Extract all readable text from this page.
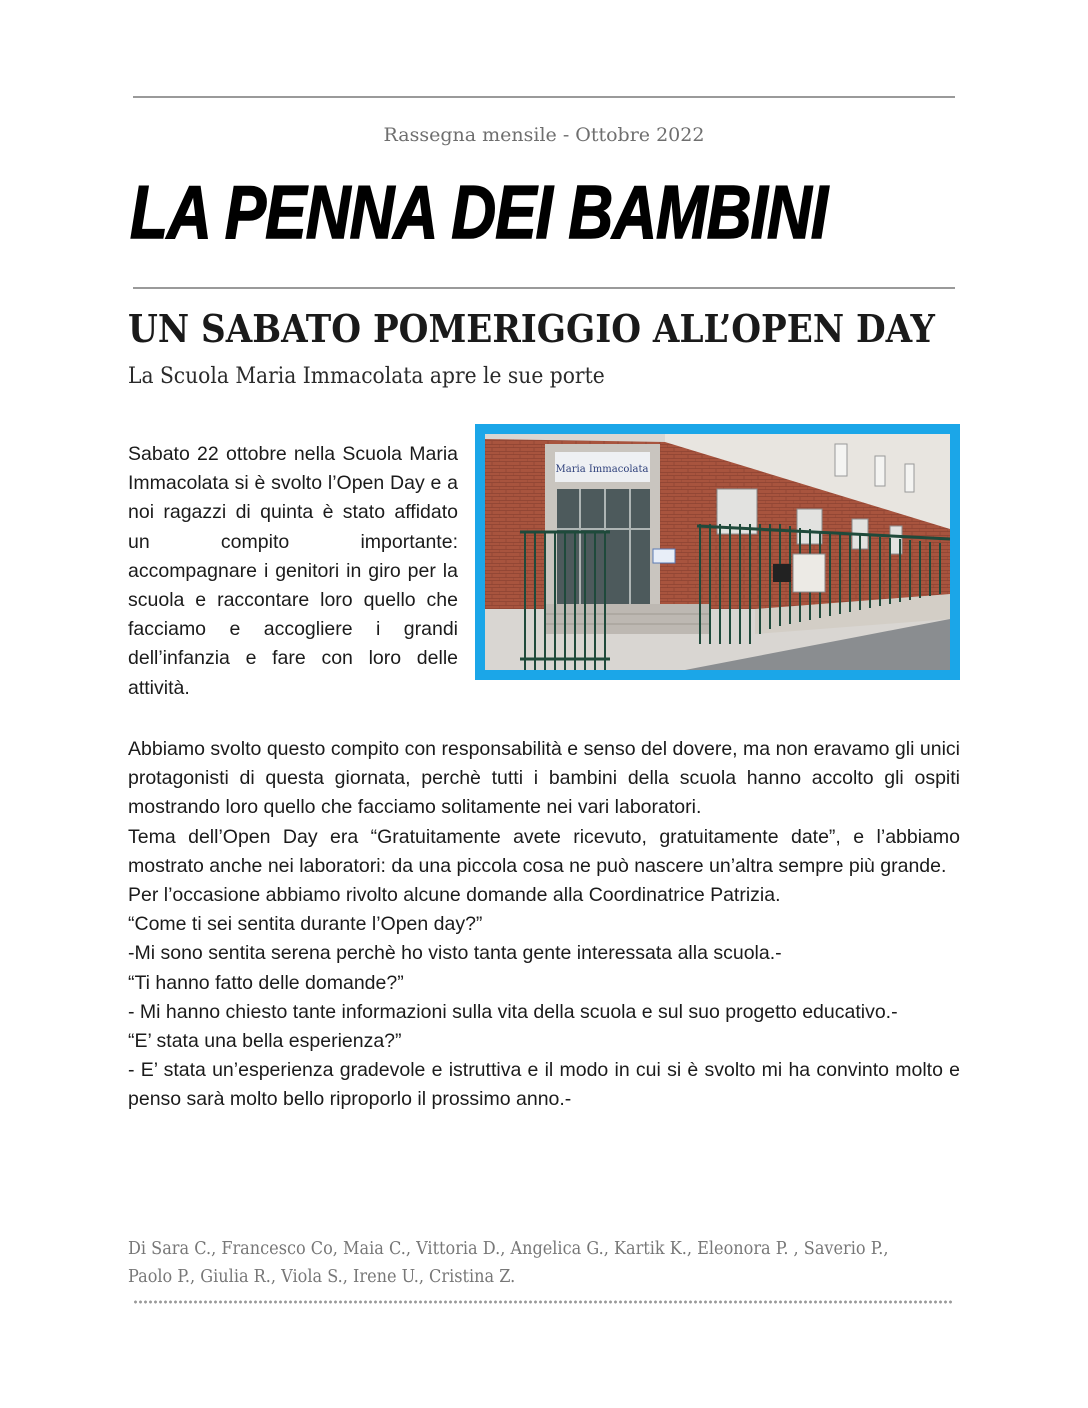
Rassegna mensile - Ottobre 2022
LA PENNA DEI BAMBINI
UN SABATO POMERIGGIO ALL’OPEN DAY
La Scuola Maria Immacolata apre le sue porte
Maria Immacolata

Sabato 22 ottobre nella Scuola Maria Immacolata si è svolto l’Open Day e a noi ragazzi di quinta è stato affidato un compito importante: accompagnare i genitori in giro per la scuola e raccontare loro quello che facciamo e accogliere i grandi dell’infanzia e fare con loro delle attività.

Abbiamo svolto questo compito con responsabilità e senso del dovere, ma non eravamo gli unici protagonisti di questa giornata, perchè tutti i bambini della scuola hanno accolto gli ospiti mostrando loro quello che facciamo solitamente nei vari laboratori.

Tema dell’Open Day era “Gratuitamente avete ricevuto, gratuitamente date”, e l’abbiamo mostrato anche nei laboratori: da una piccola cosa ne può nascere un’altra sempre più grande.

Per l’occasione abbiamo rivolto alcune domande alla Coordinatrice Patrizia.

“Come ti sei sentita durante l’Open day?”

-Mi sono sentita serena perchè ho visto tanta gente interessata alla scuola.-

“Ti hanno fatto delle domande?”

- Mi hanno chiesto tante informazioni sulla vita della scuola e sul suo progetto educativo.-

“E’ stata una bella esperienza?”

- E’ stata un’esperienza gradevole e istruttiva e il modo in cui si è svolto mi ha convinto molto e penso sarà molto bello riproporlo il prossimo anno.-

Di Sara C., Francesco Co, Maia C., Vittoria D., Angelica G., Kartik K., Eleonora P. , Saverio P., Paolo P., Giulia R., Viola S., Irene U., Cristina Z.
